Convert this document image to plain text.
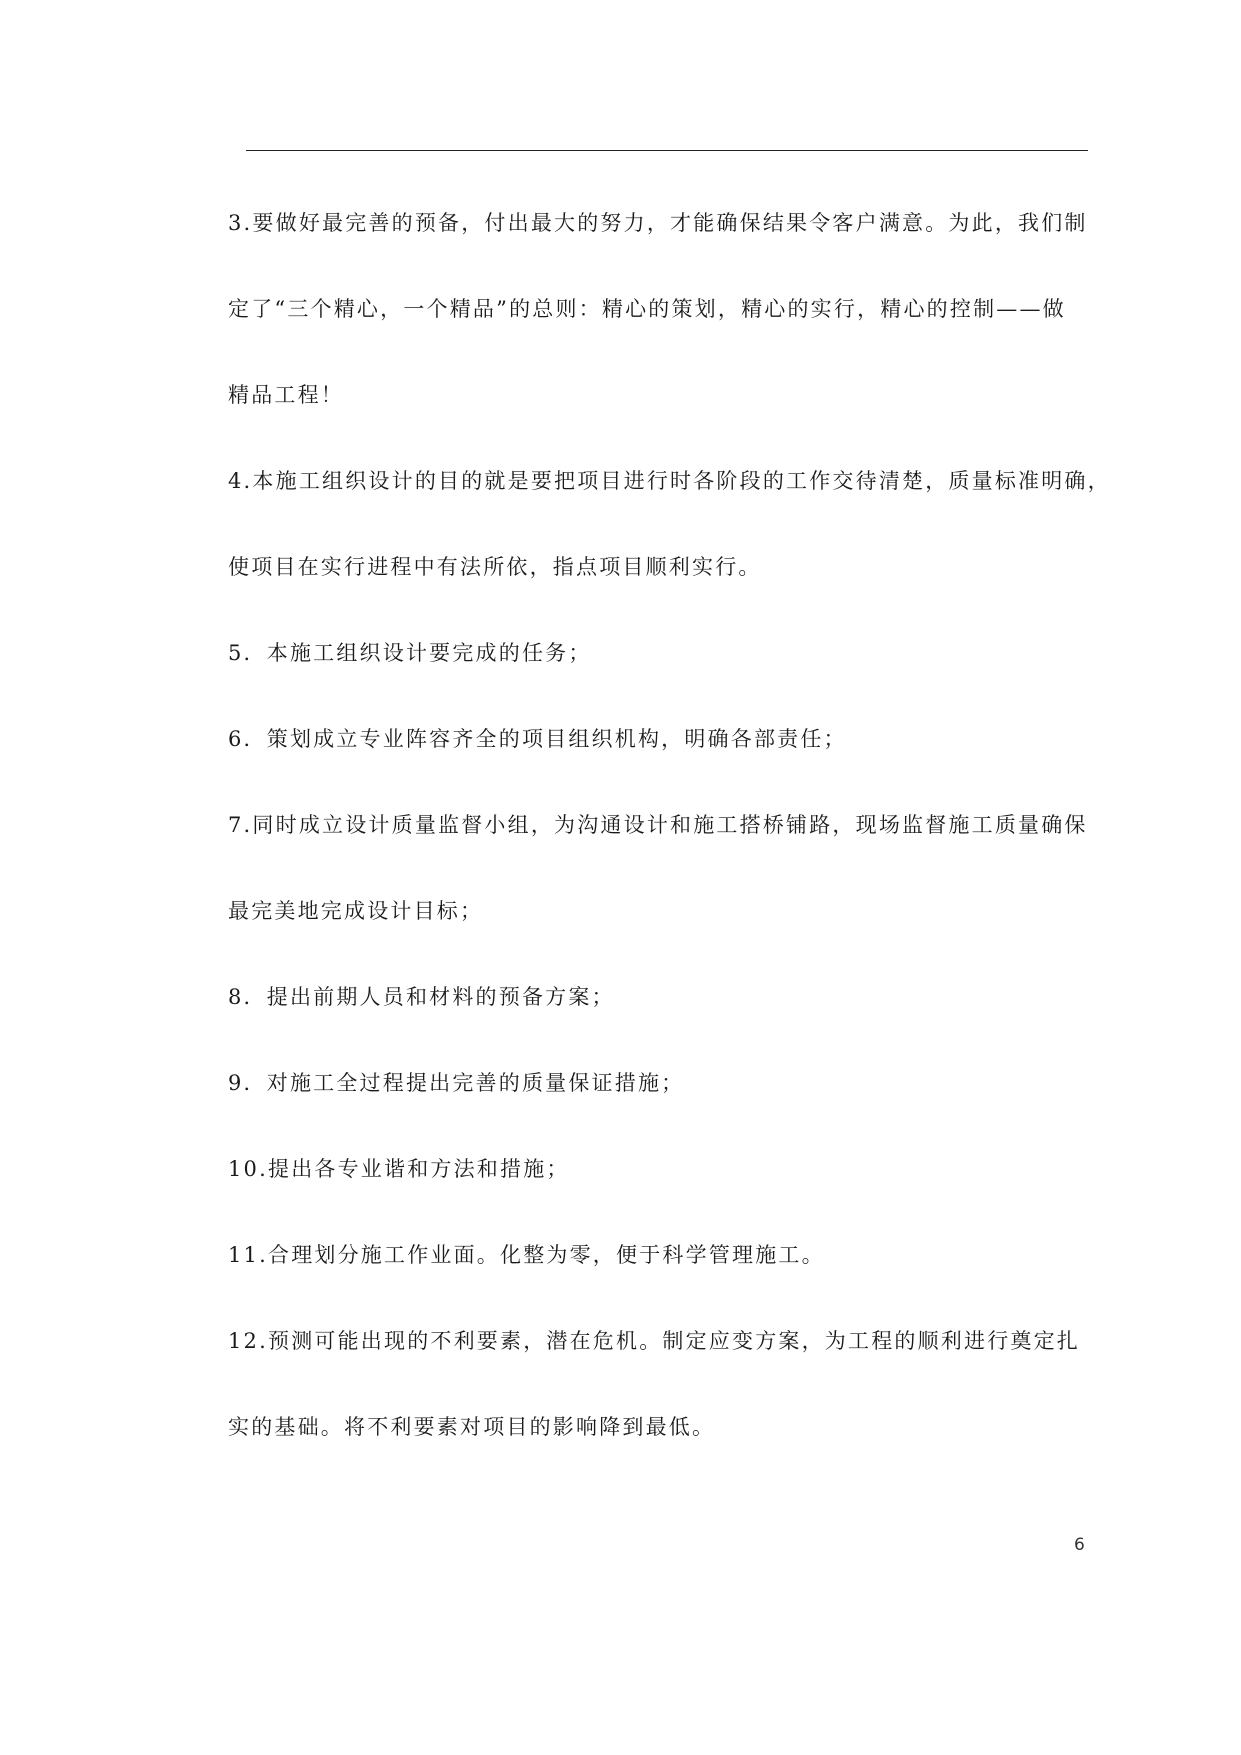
3.要做好最完善的预备，付出最大的努力，才能确保结果令客户满意。为此，我们制
定了“三个精心，一个精品”的总则：精心的策划，精心的实行，精心的控制——做
精品工程！
4.本施工组织设计的目的就是要把项目进行时各阶段的工作交待清楚，质量标准明确，
使项目在实行进程中有法所依，指点项目顺利实行。
5．本施工组织设计要完成的任务；
6．策划成立专业阵容齐全的项目组织机构，明确各部责任；
7.同时成立设计质量监督小组，为沟通设计和施工搭桥铺路，现场监督施工质量确保
最完美地完成设计目标；
8．提出前期人员和材料的预备方案；
9．对施工全过程提出完善的质量保证措施；
10.提出各专业谐和方法和措施；
11.合理划分施工作业面。化整为零，便于科学管理施工。
12.预测可能出现的不利要素，潜在危机。制定应变方案，为工程的顺利进行奠定扎
实的基础。将不利要素对项目的影响降到最低。
6
